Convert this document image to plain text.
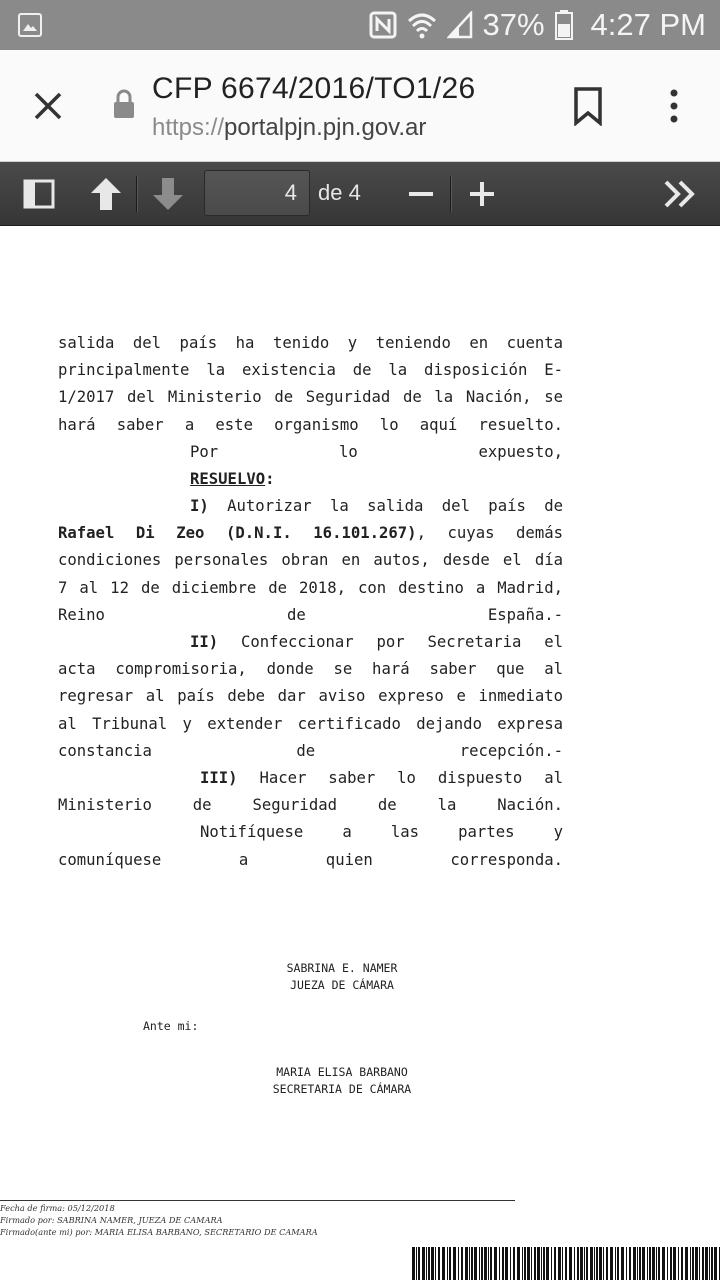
37% 4:27 PM
CFP 6674/2016/TO1/26
https://portalpjn.pjn.gov.ar
4 de 4
salida del país ha tenido y teniendo en cuenta
principalmente la existencia de la disposición E-
1/2017 del Ministerio de Seguridad de la Nación, se
hará saber a este organismo lo aquí resuelto.
Por lo expuesto,
RESUELVO:
I) Autorizar la salida del país de
Rafael Di Zeo (D.N.I. 16.101.267), cuyas demás
condiciones personales obran en autos, desde el día
7 al 12 de diciembre de 2018, con destino a Madrid,
Reino de España.-
II) Confeccionar por Secretaria el
acta compromisoria, donde se hará saber que al
regresar al país debe dar aviso expreso e inmediato
al Tribunal y extender certificado dejando expresa
constancia de recepción.-
III) Hacer saber lo dispuesto al
Ministerio de Seguridad de la Nación.
Notifíquese a las partes y
comuníquese a quien corresponda.
SABRINA E. NAMER
JUEZA DE CÁMARA
Ante mi:
MARIA ELISA BARBANO
SECRETARIA DE CÁMARA
Fecha de firma: 05/12/2018
Firmado por: SABRINA NAMER, JUEZA DE CAMARA
Firmado(ante mi) por: MARIA ELISA BARBANO, SECRETARIO DE CAMARA
